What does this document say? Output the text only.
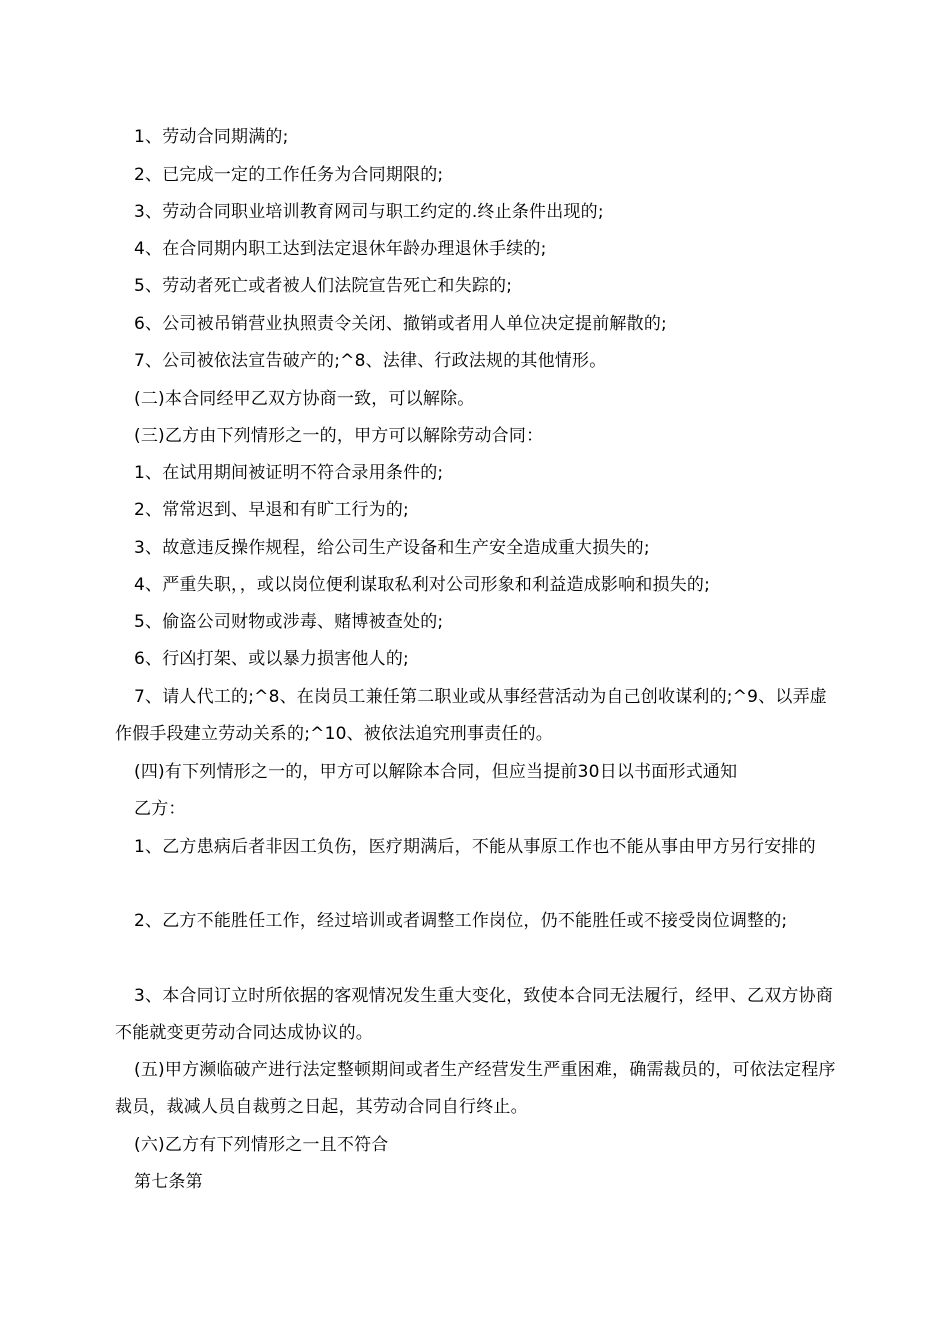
1、劳动合同期满的;
2、已完成一定的工作任务为合同期限的;
3、劳动合同职业培训教育网司与职工约定的.终止条件出现的;
4、在合同期内职工达到法定退休年龄办理退休手续的;
5、劳动者死亡或者被人们法院宣告死亡和失踪的;
6、公司被吊销营业执照责令关闭、撤销或者用人单位决定提前解散的;
7、公司被依法宣告破产的;^8、法律、行政法规的其他情形。
(二)本合同经甲乙双方协商一致，可以解除。
(三)乙方由下列情形之一的，甲方可以解除劳动合同：
1、在试用期间被证明不符合录用条件的;
2、常常迟到、早退和有旷工行为的;
3、故意违反操作规程，给公司生产设备和生产安全造成重大损失的;
4、严重失职，，或以岗位便利谋取私利对公司形象和利益造成影响和损失的;
5、偷盗公司财物或涉毒、赌博被查处的;
6、行凶打架、或以暴力损害他人的;
7、请人代工的;^8、在岗员工兼任第二职业或从事经营活动为自己创收谋利的;^9、以弄虚作假手段建立劳动关系的;^10、被依法追究刑事责任的。
(四)有下列情形之一的，甲方可以解除本合同，但应当提前30日以书面形式通知
乙方：
1、乙方患病后者非因工负伤，医疗期满后，不能从事原工作也不能从事由甲方另行安排的
2、乙方不能胜任工作，经过培训或者调整工作岗位，仍不能胜任或不接受岗位调整的;
3、本合同订立时所依据的客观情况发生重大变化，致使本合同无法履行，经甲、乙双方协商不能就变更劳动合同达成协议的。
(五)甲方濒临破产进行法定整顿期间或者生产经营发生严重困难，确需裁员的，可依法定程序裁员，裁减人员自裁剪之日起，其劳动合同自行终止。
(六)乙方有下列情形之一且不符合
第七条第
